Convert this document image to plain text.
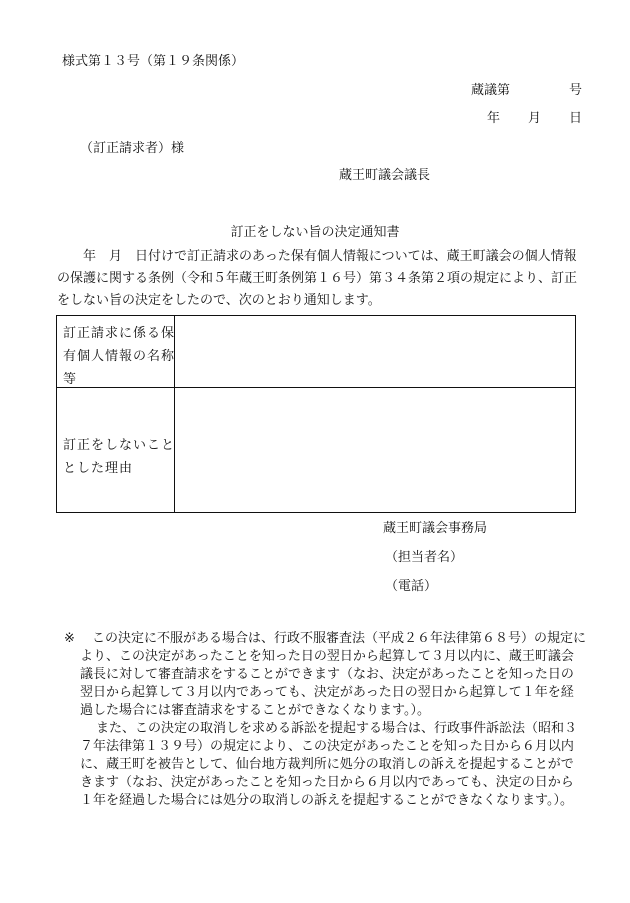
様式第１３号（第１９条関係）
蔵議第	号
年 月 日
（訂正請求者）様
蔵王町議会議長
訂正をしない旨の決定通知書

年　月　日付けで訂正請求のあった保有個人情報については、蔵王町議会の個人情報の保護に関する条例（令和５年蔵王町条例第１６号）第３４条第２項の規定により、訂正をしない旨の決定をしたので、次のとおり通知します。

訂正請求に係る保有個人情報の名称等
訂正をしないこととした理由
蔵王町議会事務局
（担当者名）
（電話）
※	この決定に不服がある場合は、行政不服審査法（平成２６年法律第６８号）の規定により、この決定があったことを知った日の翌日から起算して３月以内に、蔵王町議会議長に対して審査請求をすることができます（なお、決定があったことを知った日の翌日から起算して３月以内であっても、決定があった日の翌日から起算して１年を経過した場合には審査請求をすることができなくなります。）。

また、この決定の取消しを求める訴訟を提起する場合は、行政事件訴訟法（昭和３７年法律第１３９号）の規定により、この決定があったことを知った日から６月以内に、蔵王町を被告として、仙台地方裁判所に処分の取消しの訴えを提起することができます（なお、決定があったことを知った日から６月以内であっても、決定の日から１年を経過した場合には処分の取消しの訴えを提起することができなくなります。）。
